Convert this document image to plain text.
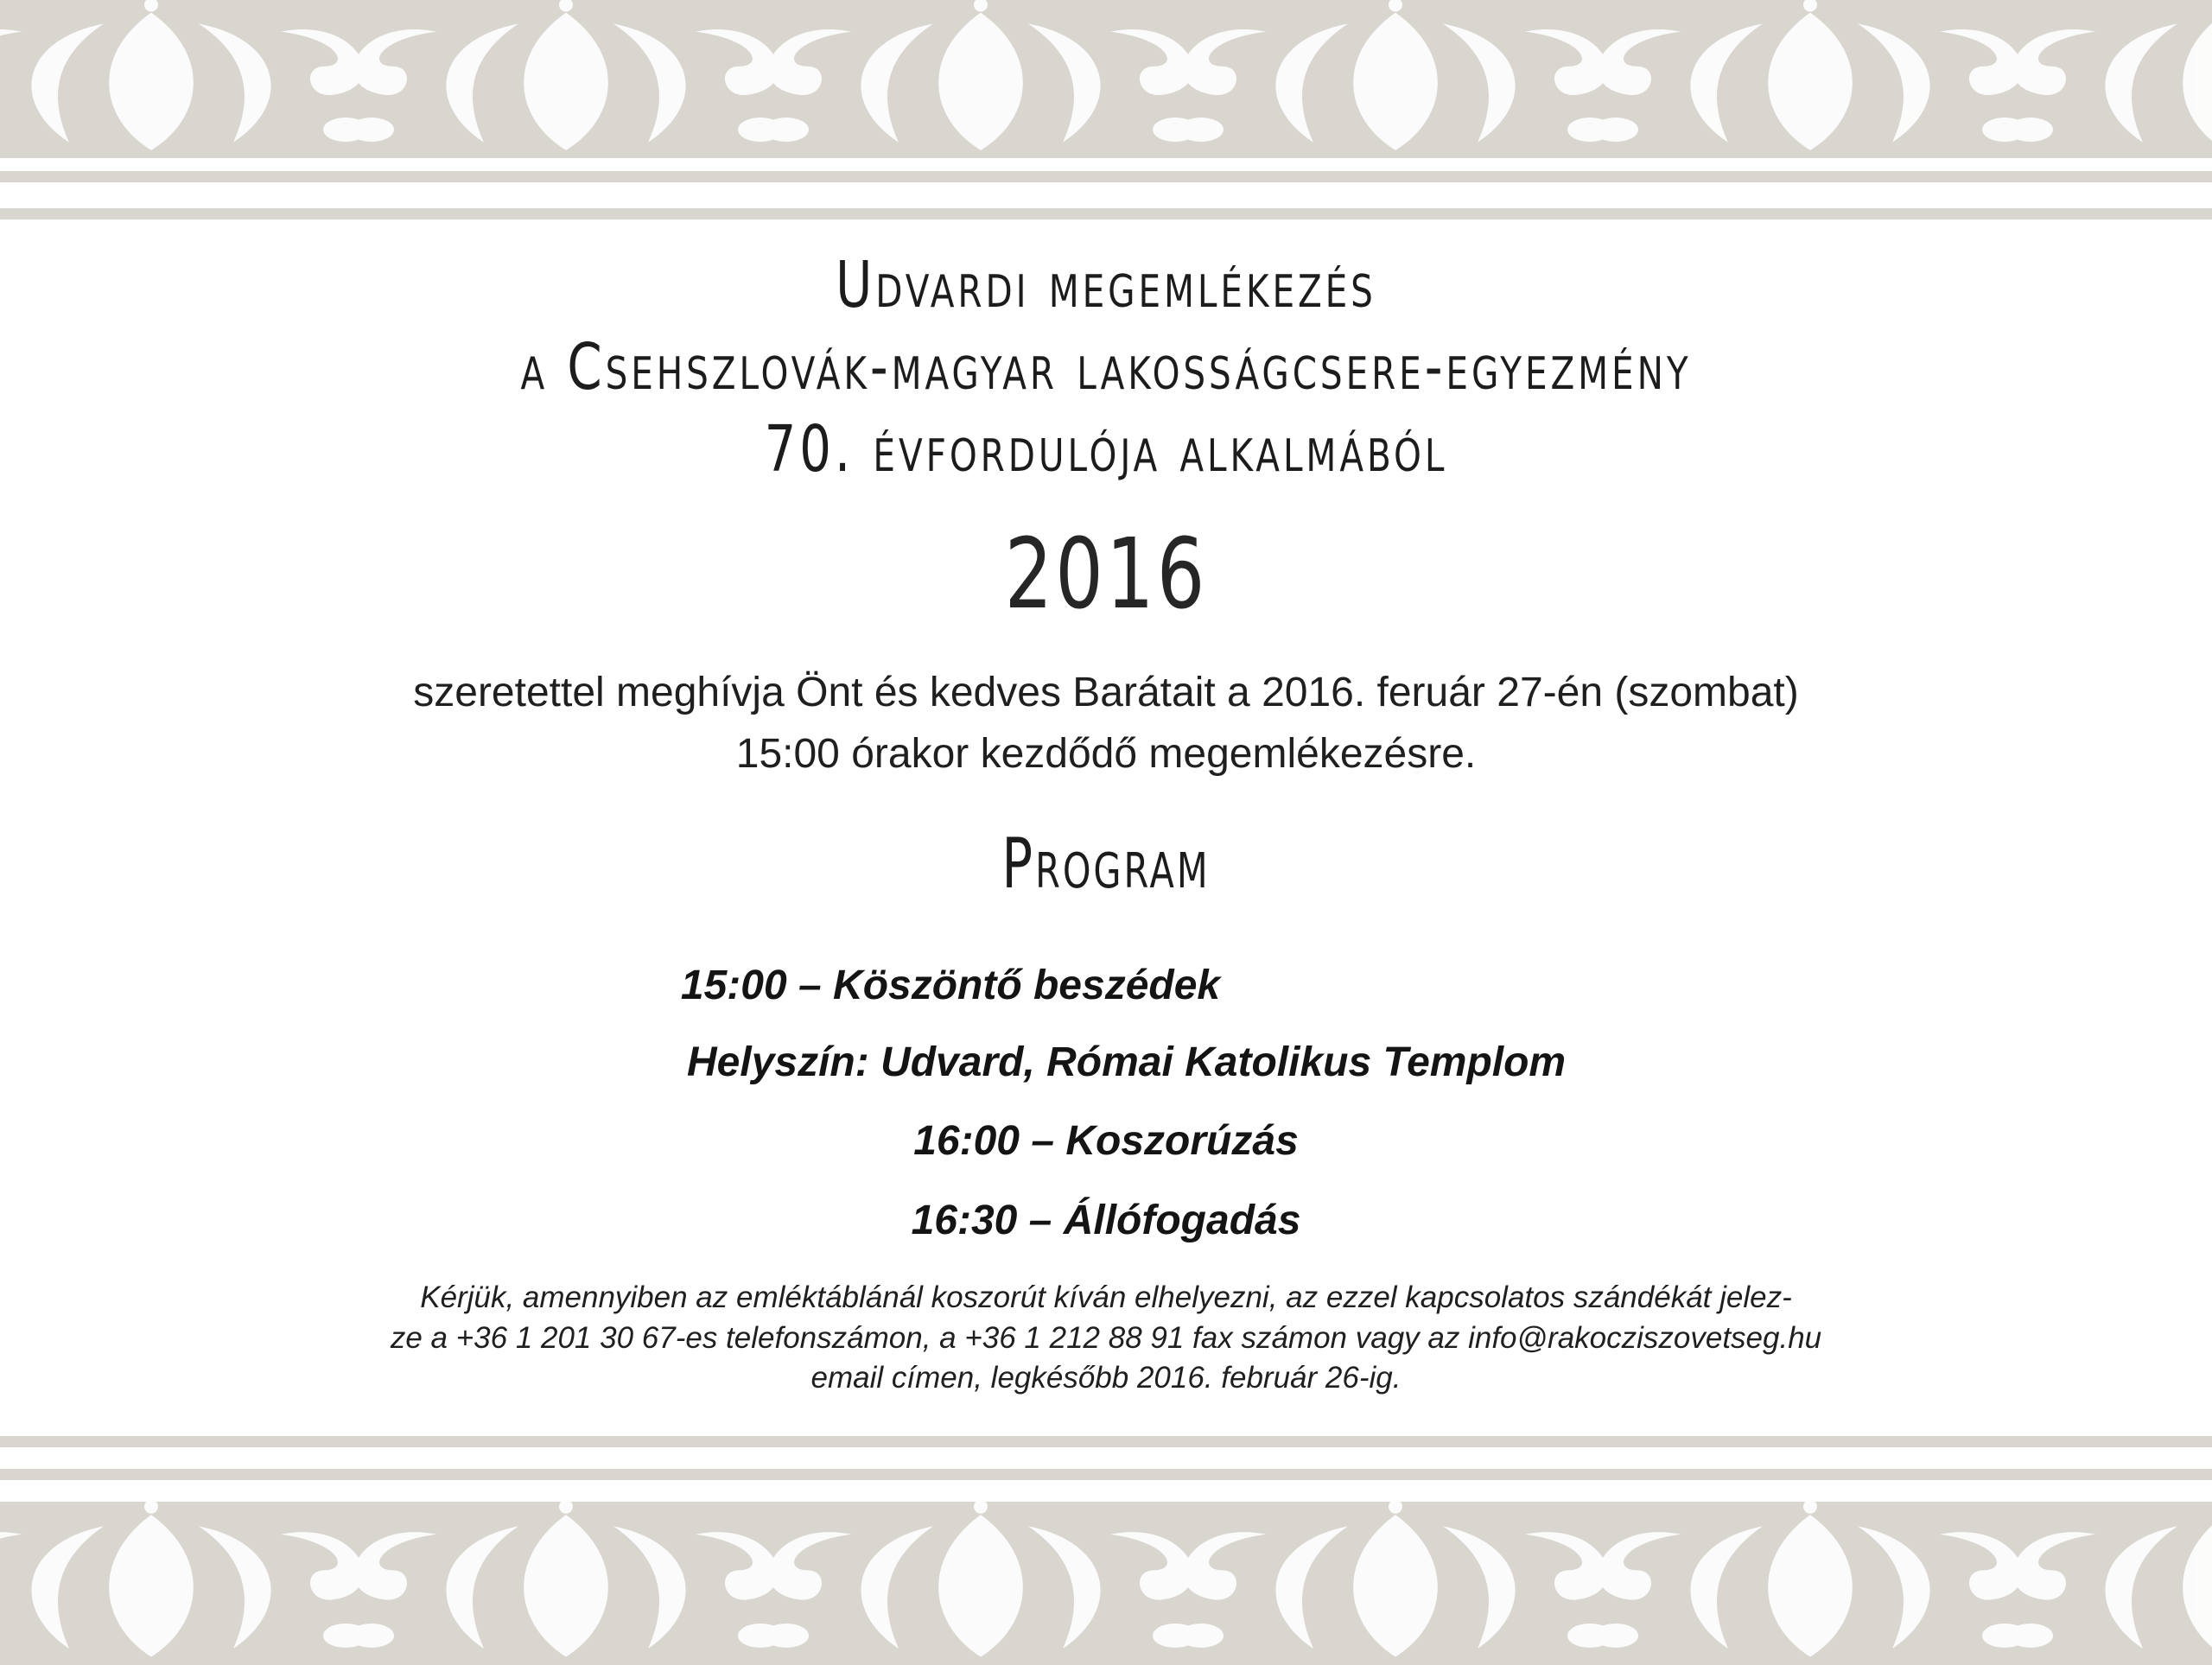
Udvardi megemlékezés
a Csehszlovák-magyar lakosságcsere-egyezmény
70. évfordulója alkalmából
2016
szeretettel meghívja Önt és kedves Barátait a 2016. feruár 27-én (szombat)
15:00 órakor kezdődő megemlékezésre.
Program
15:00 – Köszöntő beszédek
Helyszín: Udvard, Római Katolikus Templom
16:00 – Koszorúzás
16:30 – Állófogadás
Kérjük, amennyiben az emléktáblánál koszorút kíván elhelyezni, az ezzel kapcsolatos szándékát jelez-
ze a +36 1 201 30 67-es telefonszámon, a +36 1 212 88 91 fax számon vagy az info@rakocziszovetseg.hu
email címen, legkésőbb 2016. február 26-ig.
